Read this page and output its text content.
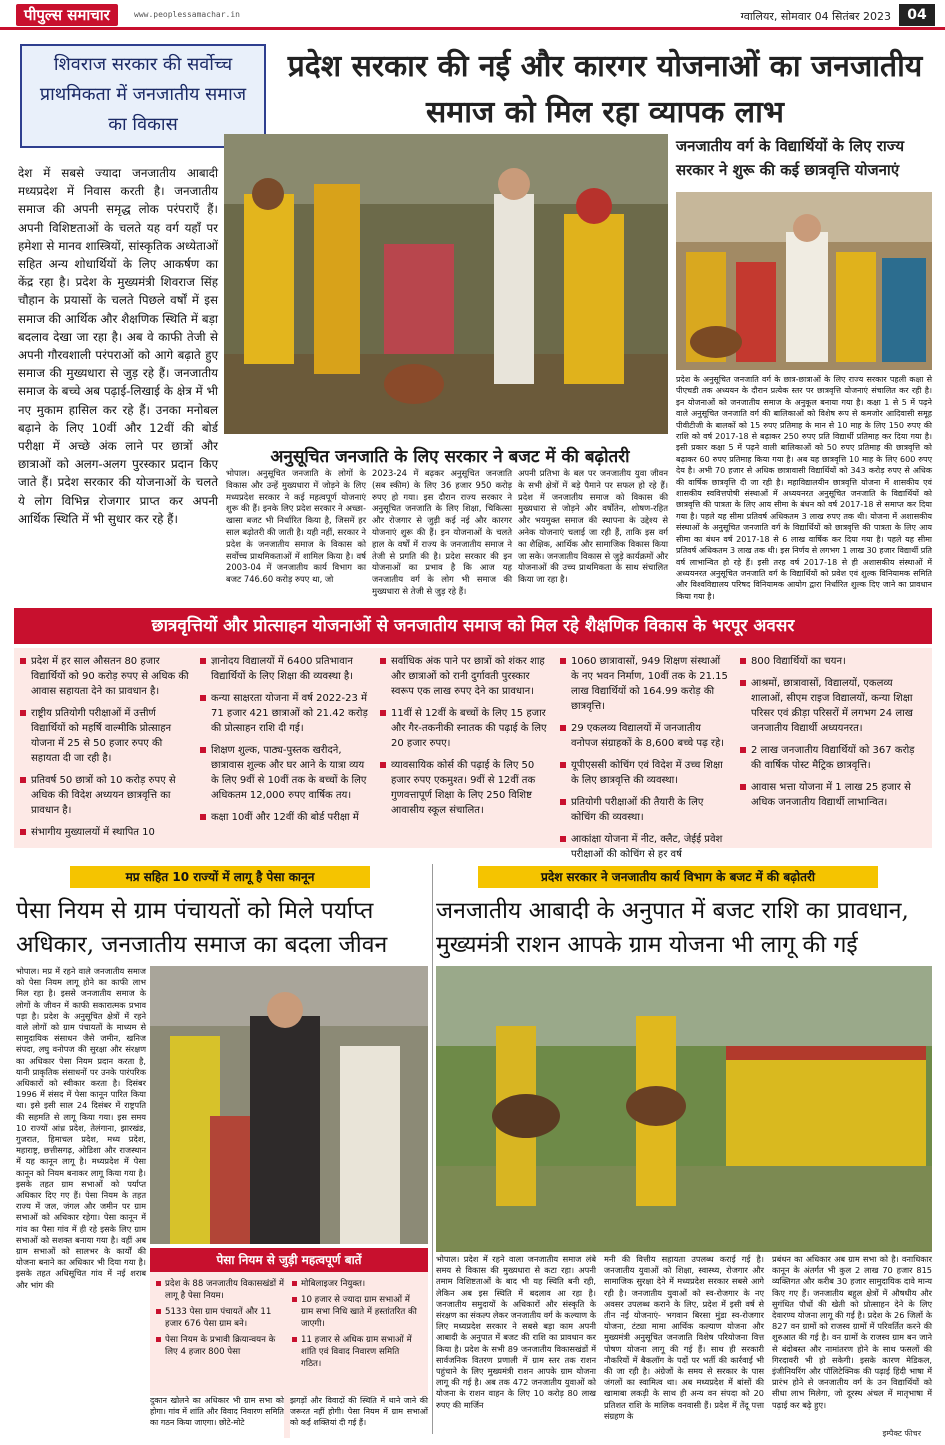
पीपुल्स समाचार	www.peoplessamachar.in	ग्वालियर, सोमवार 04 सितंबर 2023	04
शिवराज सरकार की सर्वोच्च प्राथमिकता में जनजातीय समाज का विकास
प्रदेश सरकार की नई और कारगर योजनाओं का जनजातीय समाज को मिल रहा व्यापक लाभ
जनजातीय वर्ग के विद्यार्थियों के लिए राज्य सरकार ने शुरू की कई छात्रवृत्ति योजनाएं
प्रदेश के अनुसूचित जनजाति वर्ग के छात्र-छात्राओं के लिए राज्य सरकार पहली कक्षा से पीएचडी तक अध्ययन के दौरान प्रत्येक स्तर पर छात्रवृत्ति योजनाएं संचालित कर रही है। इन योजनाओं को जनजातीय समाज के अनुकूल बनाया गया है। कक्षा 1 से 5 में पढ़ने वाले अनुसूचित जनजाति वर्ग की बालिकाओं को विशेष रूप से कमजोर आदिवासी समूह पीवीटीजी के बालकों को 15 रुपए प्रतिमाह के मान से 10 माह के लिए 150 रुपए की राशि को वर्ष 2017-18 से बढ़ाकर 250 रुपए प्रति विद्यार्थी प्रतिमाह कर दिया गया है। इसी प्रकार कक्षा 5 में पढ़ने वाली बालिकाओं को 50 रुपए प्रतिमाह की छात्रवृत्ति को बढ़ाकर 60 रुपए प्रतिमाह किया गया है। अब यह छात्रवृत्ति 10 माह के लिए 600 रुपए देय है। अभी 70 हजार से अधिक छात्रावासी विद्यार्थियों को 343 करोड़ रुपए से अधिक की वार्षिक छात्रवृत्ति दी जा रही है। महाविद्यालयीन छात्रवृत्ति योजना में शासकीय एवं शासकीय स्ववित्तपोषी संस्थाओं में अध्ययनरत अनुसूचित जनजाति के विद्यार्थियों को छात्रवृत्ति की पात्रता के लिए आय सीमा के बंधन को वर्ष 2017-18 से समाप्त कर दिया गया है। पहले यह सीमा प्रतिवर्ष अधिकतम 3 लाख रुपए तक थी। योजना में अशासकीय संस्थाओं के अनुसूचित जनजाति वर्ग के विद्यार्थियों को छात्रवृत्ति की पात्रता के लिए आय सीमा का बंधन वर्ष 2017-18 से 6 लाख वार्षिक कर दिया गया है। पहले यह सीमा प्रतिवर्ष अधिकतम 3 लाख तक थी। इस निर्णय से लगभग 1 लाख 30 हजार विद्यार्थी प्रति वर्ष लाभान्वित हो रहे हैं। इसी तरह वर्ष 2017-18 से ही अशासकीय संस्थाओं में अध्ययनरत अनुसूचित जनजाति वर्ग के विद्यार्थियों को प्रवेश एवं शुल्क विनियामक समिति और विश्वविद्यालय परिषद विनियामक आयोग द्वारा निर्धारित शुल्क दिए जाने का प्रावधान किया गया है।
देश में सबसे ज्यादा जनजातीय आबादी मध्यप्रदेश में निवास करती है। जनजातीय समाज की अपनी समृद्ध लोक परंपराएँ हैं। अपनी विशिष्टताओं के चलते यह वर्ग यहाँ पर हमेशा से मानव शास्त्रियों, सांस्कृतिक अध्येताओं सहित अन्य शोधार्थियों के लिए आकर्षण का केंद्र रहा है। प्रदेश के मुख्यमंत्री शिवराज सिंह चौहान के प्रयासों के चलते पिछले वर्षों में इस समाज की आर्थिक और शैक्षणिक स्थिति में बड़ा बदलाव देखा जा रहा है। अब वे काफी तेजी से अपनी गौरवशाली परंपराओं को आगे बढ़ाते हुए समाज की मुख्यधारा से जुड़ रहे हैं। जनजातीय समाज के बच्चे अब पढ़ाई-लिखाई के क्षेत्र में भी नए मुकाम हासिल कर रहे हैं। उनका मनोबल बढ़ाने के लिए 10वीं और 12वीं की बोर्ड परीक्षा में अच्छे अंक लाने पर छात्रों और छात्राओं को अलग-अलग पुरस्कार प्रदान किए जाते हैं। प्रदेश सरकार की योजनाओं के चलते ये लोग विभिन्न रोजगार प्राप्त कर अपनी आर्थिक स्थिति में भी सुधार कर रहे हैं।
अनुसूचित जनजाति के लिए सरकार ने बजट में की बढ़ोतरी
भोपाल। अनुसूचित जनजाति के लोगों के विकास और उन्हें मुख्यधारा में जोड़ने के लिए मध्यप्रदेश सरकार ने कई महत्वपूर्ण योजनाएं शुरू की हैं। इनके लिए प्रदेश सरकार ने अच्छा-खासा बजट भी निर्धारित किया है, जिसमें हर साल बढ़ोतरी की जाती है। यही नहीं, सरकार ने प्रदेश के जनजातीय समाज के विकास को सर्वोच्च प्राथमिकताओं में शामिल किया है। वर्ष 2003-04 में जनजातीय कार्य विभाग का बजट 746.60 करोड़ रुपए था, जो
2023-24 में बढ़कर अनुसूचित जनजाति (सब स्कीम) के लिए 36 हजार 950 करोड़ रुपए हो गया। इस दौरान राज्य सरकार ने अनुसूचित जनजाति के लिए शिक्षा, चिकित्सा और रोजगार से जुड़ी कई नई और कारगर योजनाएं शुरू की हैं। इन योजनाओं के चलते हाल के वर्षों में राज्य के जनजातीय समाज ने तेजी से प्रगति की है। प्रदेश सरकार की इन योजनाओं का प्रभाव है कि आज यह जनजातीय वर्ग के लोग भी समाज की मुख्यधारा से तेजी से जुड़ रहे हैं।
अपनी प्रतिभा के बल पर जनजातीय युवा जीवन के सभी क्षेत्रों में बड़े पैमाने पर सफल हो रहे हैं। प्रदेश में जनजातीय समाज को विकास की मुख्यधारा से जोड़ने और वर्षोंतेन, शोषण-रहित और भयमुक्त समाज की स्थापना के उद्देश्य से अनेक योजनाएं चलाई जा रही हैं, ताकि इस वर्ग का शैक्षिक, आर्थिक और सामाजिक विकास किया जा सके। जनजातीय विकास से जुड़े कार्यक्रमों और योजनाओं की उच्च प्राथमिकता के साथ संचालित किया जा रहा है।
छात्रवृत्तियों और प्रोत्साहन योजनाओं से जनजातीय समाज को मिल रहे शैक्षणिक विकास के भरपूर अवसर
प्रदेश में हर साल औसतन 80 हजार विद्यार्थियों को 90 करोड़ रुपए से अधिक की आवास सहायता देने का प्रावधान है।
राष्ट्रीय प्रतियोगी परीक्षाओं में उत्तीर्ण विद्यार्थियों को महर्षि वाल्मीकि प्रोत्साहन योजना में 25 से 50 हजार रुपए की सहायता दी जा रही है।
प्रतिवर्ष 50 छात्रों को 10 करोड़ रुपए से अधिक की विदेश अध्ययन छात्रवृत्ति का प्रावधान है।
संभागीय मुख्यालयों में स्थापित 10
ज्ञानोदय विद्यालयों में 6400 प्रतिभावान विद्यार्थियों के लिए शिक्षा की व्यवस्था है।
कन्या साक्षरता योजना में वर्ष 2022-23 में 71 हजार 421 छात्राओं को 21.42 करोड़ की प्रोत्साहन राशि दी गई।
शिक्षण शुल्क, पाठ्य-पुस्तक खरीदने, छात्रावास शुल्क और घर आने के यात्रा व्यय के लिए 9वीं से 10वीं तक के बच्चों के लिए अधिकतम 12,000 रुपए वार्षिक तय।
कक्षा 10वीं और 12वीं की बोर्ड परीक्षा में
सर्वाधिक अंक पाने पर छात्रों को शंकर शाह और छात्राओं को रानी दुर्गावती पुरस्कार स्वरूप एक लाख रुपए देने का प्रावधान।
11वीं से 12वीं के बच्चों के लिए 15 हजार और गैर-तकनीकी स्नातक की पढ़ाई के लिए 20 हजार रुपए।
व्यावसायिक कोर्स की पढ़ाई के लिए 50 हजार रुपए एकमुश्त। 9वीं से 12वीं तक गुणवत्तापूर्ण शिक्षा के लिए 250 विशिष्ट आवासीय स्कूल संचालित।
1060 छात्रावासों, 949 शिक्षण संस्थाओं के नए भवन निर्माण, 10वीं तक के 21.15 लाख विद्यार्थियों को 164.99 करोड़ की छात्रवृत्ति।
29 एकलव्य विद्यालयों में जनजातीय वनोपज संग्राहकों के 8,600 बच्चे पढ़ रहे।
यूपीएससी कोचिंग एवं विदेश में उच्च शिक्षा के लिए छात्रवृत्ति की व्यवस्था।
प्रतियोगी परीक्षाओं की तैयारी के लिए कोचिंग की व्यवस्था।
आकांक्षा योजना में नीट, क्लैट, जेईई प्रवेश परीक्षाओं की कोचिंग से हर वर्ष
800 विद्यार्थियों का चयन।
आश्रमों, छात्रावासों, विद्यालयों, एकलव्य शालाओं, सीएम राइज विद्यालयों, कन्या शिक्षा परिसर एवं क्रीड़ा परिसरों में लगभग 24 लाख जनजातीय विद्यार्थी अध्ययनरत।
2 लाख जनजातीय विद्यार्थियों को 367 करोड़ की वार्षिक पोस्ट मैट्रिक छात्रवृत्ति।
आवास भत्ता योजना में 1 लाख 25 हजार से अधिक जनजातीय विद्यार्थी लाभान्वित।
मप्र सहित 10 राज्यों में लागू है पेसा कानून
पेसा नियम से ग्राम पंचायतों को मिले पर्याप्त अधिकार, जनजातीय समाज का बदला जीवन
भोपाल। मप्र में रहने वाले जनजातीय समाज को पेसा नियम लागू होने का काफी लाभ मिल रहा है। इससे जनजातीय समाज के लोगों के जीवन में काफी सकारात्मक प्रभाव पड़ा है। प्रदेश के अनुसूचित क्षेत्रों में रहने वाले लोगों को ग्राम पंचायतों के माध्यम से सामुदायिक संसाधन जैसे जमीन, खनिज संपदा, लघु वनोपज की सुरक्षा और संरक्षण का अधिकार पेसा नियम प्रदान करता है, यानी प्राकृतिक संसाधनों पर उनके पारंपरिक अधिकारों को स्वीकार करता है। दिसंबर 1996 में संसद में पेसा कानून पारित किया था। इसे इसी साल 24 दिसंबर में राष्ट्रपति की सहमति से लागू किया गया। इस समय 10 राज्यों आंध्र प्रदेश, तेलंगाना, झारखंड, गुजरात, हिमाचल प्रदेश, मध्य प्रदेश, महाराष्ट्र, छत्तीसगढ़, ओडिशा और राजस्थान में यह कानून लागू है। मध्यप्रदेश में पेसा कानून को नियम बनाकर लागू किया गया है। इसके तहत ग्राम सभाओं को पर्याप्त अधिकार दिए गए हैं। पेसा नियम के तहत राज्य में जल, जंगल और जमीन पर ग्राम सभाओं को अधिकार रहेगा। पेसा कानून में गांव का पैसा गांव में ही रहे इसके लिए ग्राम सभाओं को सशक्त बनाया गया है। वहीं अब ग्राम सभाओं को सालभर के कार्यों की योजना बनाने का अधिकार भी दिया गया है। इसके तहत अधिसूचित गांव में नई शराब और भांग की
पेसा नियम से जुड़ी महत्वपूर्ण बातें
प्रदेश के 88 जनजातीय विकासखंडों में लागू है पेसा नियम।
5133 पेसा ग्राम पंचायतें और 11 हजार 676 पेसा ग्राम बने।
पेसा नियम के प्रभावी क्रियान्वयन के लिए 4 हजार 800 पेसा
मोबिलाइजर नियुक्त।
10 हजार से ज्यादा ग्राम सभाओं में ग्राम सभा निधि खाते में हस्तांतरित की जाएगी।
11 हजार से अधिक ग्राम सभाओं में शांति एवं विवाद निवारण समिति गठित।
दुकान खोलने का अधिकार भी ग्राम सभा को होगा। गांव में शांति और विवाद निवारण समिति का गठन किया जाएगा। छोटे-मोटे
झगड़ों और विवादों की स्थिति में थाने जाने की जरूरत नहीं होगी। पेसा नियम में ग्राम सभाओं को कई शक्तियां दी गई हैं।
प्रदेश सरकार ने जनजातीय कार्य विभाग के बजट में की बढ़ोतरी
जनजातीय आबादी के अनुपात में बजट राशि का प्रावधान, मुख्यमंत्री राशन आपके ग्राम योजना भी लागू की गई
भोपाल। प्रदेश में रहने वाला जनजातीय समाज लंबे समय से विकास की मुख्यधारा से कटा रहा। अपनी तमाम विशिष्टताओं के बाद भी यह स्थिति बनी रही, लेकिन अब इस स्थिति में बदलाव आ रहा है। जनजातीय समुदायों के अधिकारों और संस्कृति के संरक्षण का संकल्प लेकर जनजातीय वर्ग के कल्याण के लिए मध्यप्रदेश सरकार ने सबसे बड़ा काम अपनी आबादी के अनुपात में बजट की राशि का प्रावधान कर किया है। प्रदेश के सभी 89 जनजातीय विकासखंडों में सार्वजनिक वितरण प्रणाली में ग्राम स्तर तक राशन पहुंचाने के लिए मुख्यमंत्री राशन आपके ग्राम योजना लागू की गई है। अब तक 472 जनजातीय युवाओं को योजना के राशन वाहन के लिए 10 करोड़ 80 लाख रुपए की मार्जिन
मनी की वित्तीय सहायता उपलब्ध कराई गई है। जनजातीय युवाओं को शिक्षा, स्वास्थ्य, रोजगार और सामाजिक सुरक्षा देने में मध्यप्रदेश सरकार सबसे आगे रही है। जनजातीय युवाओं को स्व-रोजगार के नए अवसर उपलब्ध कराने के लिए, प्रदेश में इसी वर्ष से तीन नई योजनाएं- भगवान बिरसा मुंडा स्व-रोजगार योजना, टंट्या मामा आर्थिक कल्याण योजना और मुख्यमंत्री अनुसूचित जनजाति विशेष परियोजना वित्त पोषण योजना लागू की गई हैं। साथ ही सरकारी नौकरियों में बैकलॉग के पदों पर भर्ती की कार्रवाई भी की जा रही है। अंग्रेजों के समय से सरकार के पास जंगलों का स्वामित्व था। अब मध्यप्रदेश में बांसों की खामाबा लकड़ी के साथ ही अन्य वन संपदा को 20 प्रतिशत राशि के मालिक वनवासी हैं। प्रदेश में तेंदू पत्ता संग्रहण के
प्रबंधन का अधिकार अब ग्राम सभा को है। वनाधिकार कानून के अंतर्गत भी कुल 2 लाख 70 हजार 815 व्यक्तिगत और करीब 30 हजार सामुदायिक दावे मान्य किए गए हैं। जनजातीय बहुल क्षेत्रों में औषधीय और सुगंधित पौधों की खेती को प्रोत्साहन देने के लिए देवारण्य योजना लागू की गई है। प्रदेश के 26 जिलों के 827 वन ग्रामों को राजस्व ग्रामों में परिवर्तित करने की शुरुआत की गई है। वन ग्रामों के राजस्व ग्राम बन जाने से बंदोबस्त और नामांतरण होने के साथ फसलों की गिरदावरी भी हो सकेगी। इसके कारण मेडिकल, इंजीनियरिंग और पॉलिटेक्निक की पढ़ाई हिंदी भाषा में प्रारंभ होने से जनजातीय वर्ग के उन विद्यार्थियों को सीधा लाभ मिलेगा, जो दूरस्थ अंचल में मातृभाषा में पढ़ाई कर बढ़े हुए।
इम्पैक्ट फीचर
